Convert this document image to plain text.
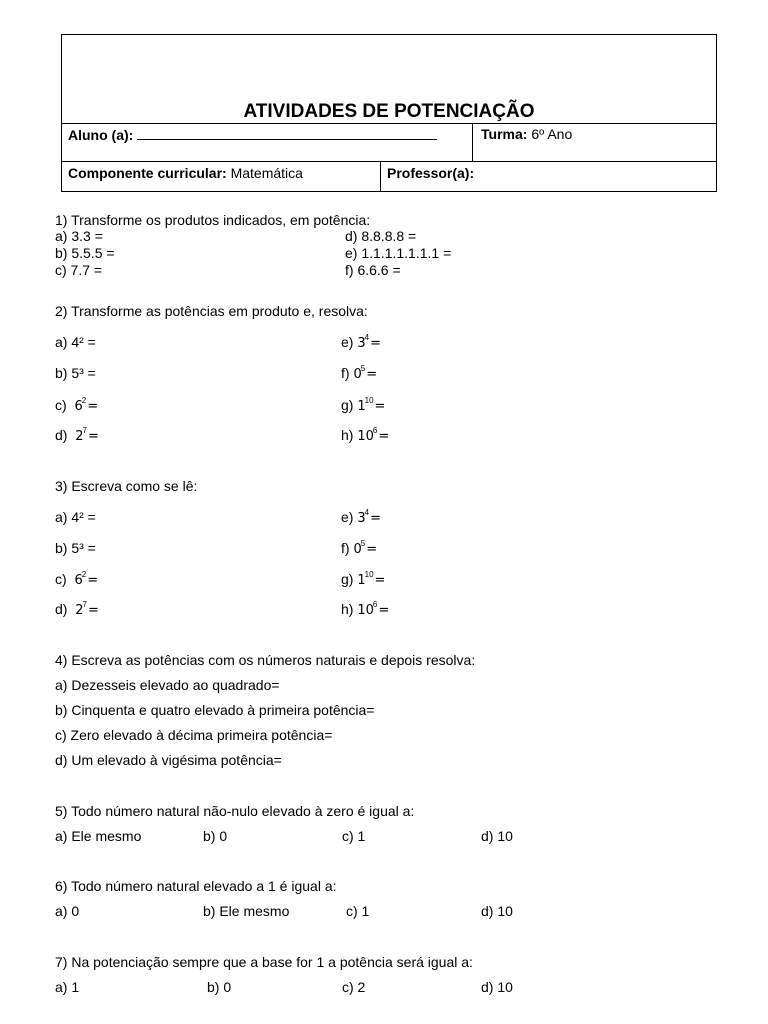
ATIVIDADES DE POTENCIAÇÃO
Aluno (a):	Turma: 6º Ano
Componente curricular: Matemática	Professor(a):
1) Transforme os produtos indicados, em potência:
a) 3.3 =
b) 5.5.5 =
c) 7.7 =
d) 8.8.8.8 =
e) 1.1.1.1.1.1.1 =
f) 6.6.6 =
2) Transforme as potências em produto e, resolva:
a) 4² =
b) 5³ =
c) $6^2=$
d) $2^7=$
e) $3^4=$
f) $0^5=$
g) $1^{10}=$
h) $10^6=$
3) Escreva como se lê:
a) 4² =
b) 5³ =
c) $6^2=$
d) $2^7=$
e) $3^4=$
f) $0^5=$
g) $1^{10}=$
h) $10^6=$
4) Escreva as potências com os números naturais e depois resolva:
a) Dezesseis elevado ao quadrado=
b) Cinquenta e quatro elevado à primeira potência=
c) Zero elevado à décima primeira potência=
d) Um elevado à vigésima potência=
5) Todo número natural não-nulo elevado à zero é igual a:
a) Ele mesmo	b) 0	c) 1	d) 10
6) Todo número natural elevado a 1 é igual a:
a) 0	b) Ele mesmo	c) 1	d) 10
7) Na potenciação sempre que a base for 1 a potência será igual a:
a) 1	b) 0	c) 2	d) 10
